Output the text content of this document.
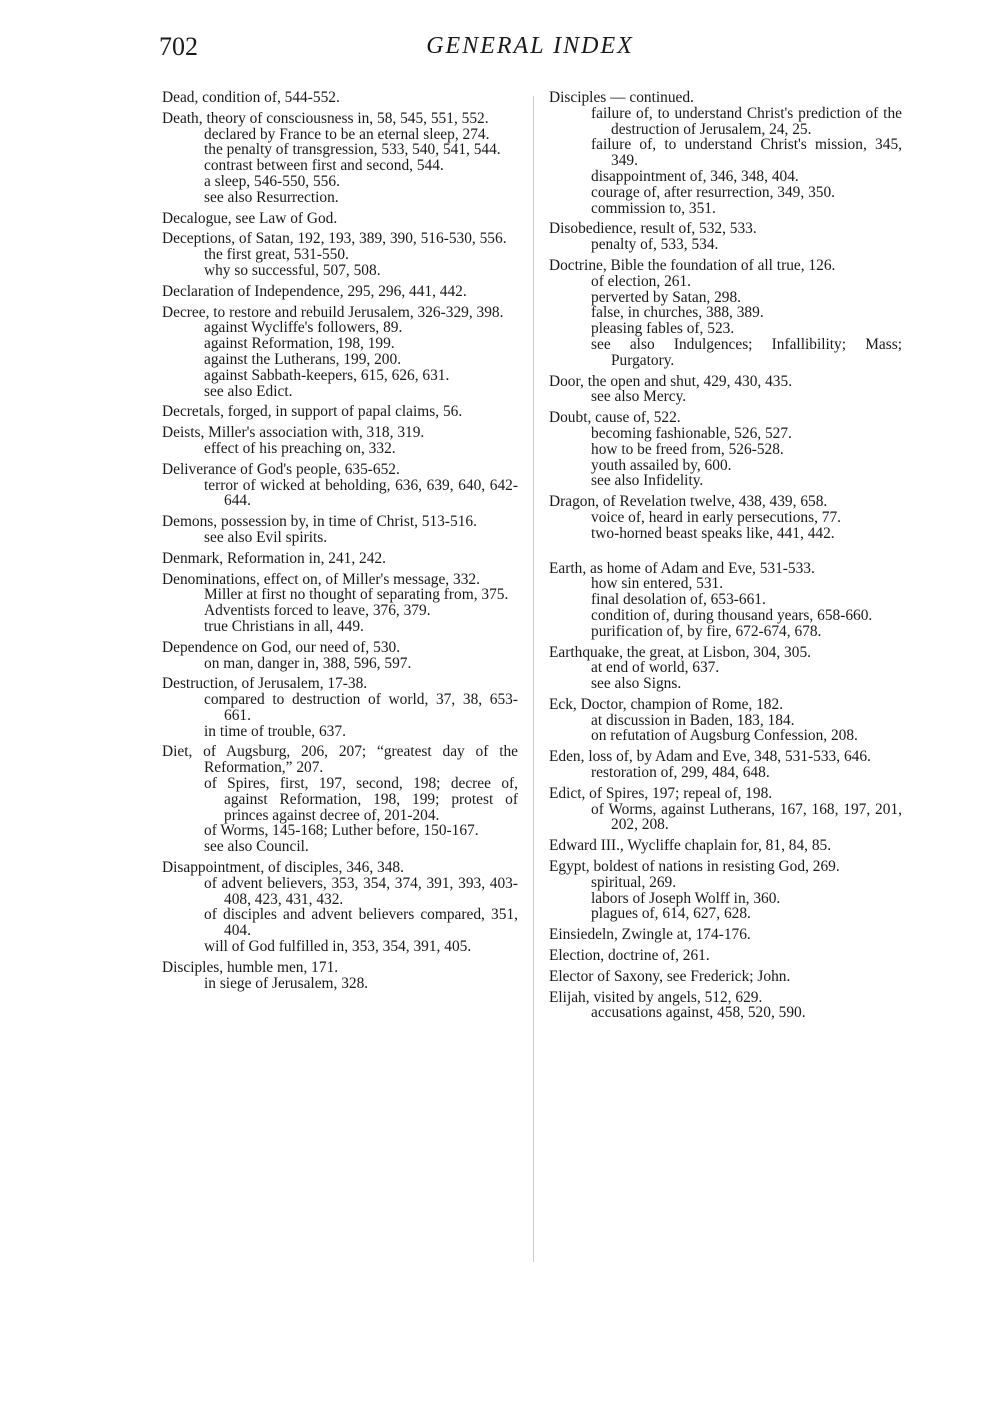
702	GENERAL INDEX
Dead, condition of, 544-552.
Death, theory of consciousness in, 58, 545, 551, 552.
declared by France to be an eternal sleep, 274.
the penalty of transgression, 533, 540, 541, 544.
contrast between first and second, 544.
a sleep, 546-550, 556.
see also Resurrection.
Decalogue, see Law of God.
Deceptions, of Satan, 192, 193, 389, 390, 516-530, 556.
the first great, 531-550.
why so successful, 507, 508.
Declaration of Independence, 295, 296, 441, 442.
Decree, to restore and rebuild Jerusalem, 326-329, 398.
against Wycliffe's followers, 89.
against Reformation, 198, 199.
against the Lutherans, 199, 200.
against Sabbath-keepers, 615, 626, 631.
see also Edict.
Decretals, forged, in support of papal claims, 56.
Deists, Miller's association with, 318, 319.
effect of his preaching on, 332.
Deliverance of God's people, 635-652.
terror of wicked at beholding, 636, 639, 640, 642-644.
Demons, possession by, in time of Christ, 513-516.
see also Evil spirits.
Denmark, Reformation in, 241, 242.
Denominations, effect on, of Miller's message, 332.
Miller at first no thought of separating from, 375.
Adventists forced to leave, 376, 379.
true Christians in all, 449.
Dependence on God, our need of, 530.
on man, danger in, 388, 596, 597.
Destruction, of Jerusalem, 17-38.
compared to destruction of world, 37, 38, 653-661.
in time of trouble, 637.
Diet, of Augsburg, 206, 207; “greatest day of the Reformation,” 207.
of Spires, first, 197, second, 198; decree of, against Reformation, 198, 199; protest of princes against decree of, 201-204.
of Worms, 145-168; Luther before, 150-167.
see also Council.
Disappointment, of disciples, 346, 348.
of advent believers, 353, 354, 374, 391, 393, 403-408, 423, 431, 432.
of disciples and advent believers compared, 351, 404.
will of God fulfilled in, 353, 354, 391, 405.
Disciples, humble men, 171.
in siege of Jerusalem, 328.
Disciples — continued.
failure of, to understand Christ's prediction of the destruction of Jerusalem, 24, 25.
failure of, to understand Christ's mission, 345, 349.
disappointment of, 346, 348, 404.
courage of, after resurrection, 349, 350.
commission to, 351.
Disobedience, result of, 532, 533.
penalty of, 533, 534.
Doctrine, Bible the foundation of all true, 126.
of election, 261.
perverted by Satan, 298.
false, in churches, 388, 389.
pleasing fables of, 523.
see also Indulgences; Infallibility; Mass; Purgatory.
Door, the open and shut, 429, 430, 435.
see also Mercy.
Doubt, cause of, 522.
becoming fashionable, 526, 527.
how to be freed from, 526-528.
youth assailed by, 600.
see also Infidelity.
Dragon, of Revelation twelve, 438, 439, 658.
voice of, heard in early persecutions, 77.
two-horned beast speaks like, 441, 442.
Earth, as home of Adam and Eve, 531-533.
how sin entered, 531.
final desolation of, 653-661.
condition of, during thousand years, 658-660.
purification of, by fire, 672-674, 678.
Earthquake, the great, at Lisbon, 304, 305.
at end of world, 637.
see also Signs.
Eck, Doctor, champion of Rome, 182.
at discussion in Baden, 183, 184.
on refutation of Augsburg Confession, 208.
Eden, loss of, by Adam and Eve, 348, 531-533, 646.
restoration of, 299, 484, 648.
Edict, of Spires, 197; repeal of, 198.
of Worms, against Lutherans, 167, 168, 197, 201, 202, 208.
Edward III., Wycliffe chaplain for, 81, 84, 85.
Egypt, boldest of nations in resisting God, 269.
spiritual, 269.
labors of Joseph Wolff in, 360.
plagues of, 614, 627, 628.
Einsiedeln, Zwingle at, 174-176.
Election, doctrine of, 261.
Elector of Saxony, see Frederick; John.
Elijah, visited by angels, 512, 629.
accusations against, 458, 520, 590.
